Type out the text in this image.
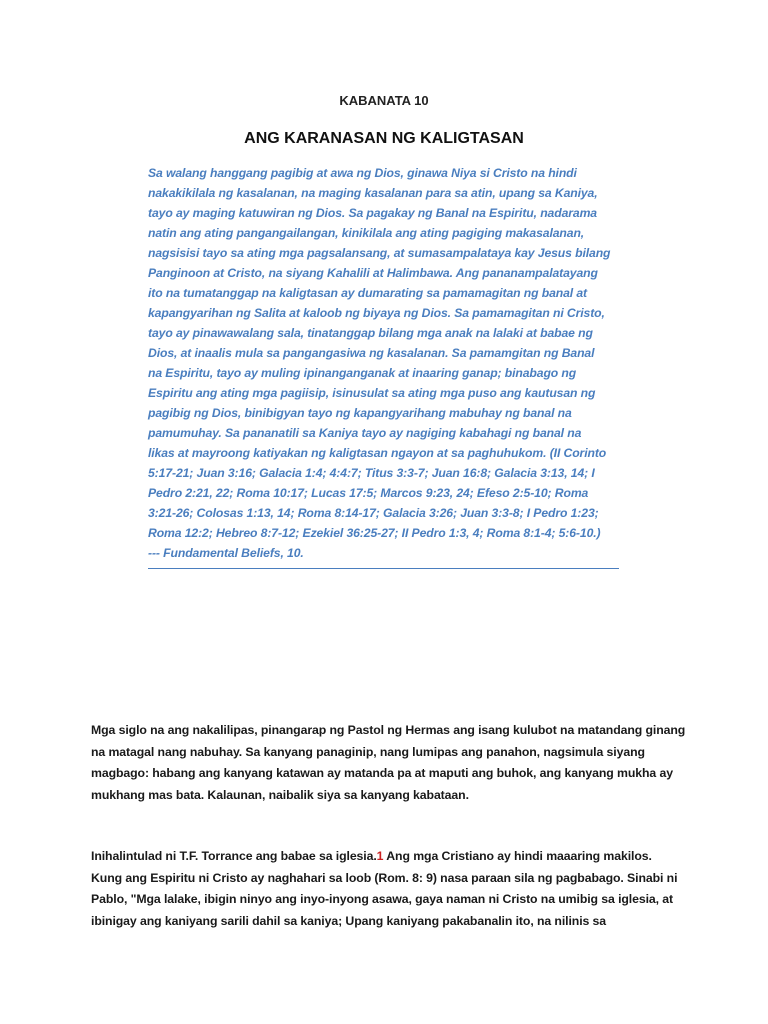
KABANATA 10
ANG KARANASAN NG KALIGTASAN
Sa walang hanggang pagibig at awa ng Dios, ginawa Niya si Cristo na hindi
nakakikilala ng kasalanan, na maging kasalanan para sa atin, upang sa Kaniya,
tayo ay maging katuwiran ng Dios. Sa pagakay ng Banal na Espiritu, nadarama
natin ang ating pangangailangan, kinikilala ang ating pagiging makasalanan,
nagsisisi tayo sa ating mga pagsalansang, at sumasampalataya kay Jesus bilang
Panginoon at Cristo, na siyang Kahalili at Halimbawa. Ang pananampalatayang
ito na tumatanggap na kaligtasan ay dumarating sa pamamagitan ng banal at
kapangyarihan ng Salita at kaloob ng biyaya ng Dios. Sa pamamagitan ni Cristo,
tayo ay pinawawalang sala, tinatanggap bilang mga anak na lalaki at babae ng
Dios, at inaalis mula sa pangangasiwa ng kasalanan. Sa pamamgitan ng Banal
na Espiritu, tayo ay muling ipinanganganak at inaaring ganap; binabago ng
Espiritu ang ating mga pagiisip, isinusulat sa ating mga puso ang kautusan ng
pagibig ng Dios, binibigyan tayo ng kapangyarihang mabuhay ng banal na
pamumuhay. Sa pananatili sa Kaniya tayo ay nagiging kabahagi ng banal na
likas at mayroong katiyakan ng kaligtasan ngayon at sa paghuhukom. (II Corinto
5:17-21; Juan 3:16; Galacia 1:4; 4:4:7; Titus 3:3-7; Juan 16:8; Galacia 3:13, 14; I
Pedro 2:21, 22; Roma 10:17; Lucas 17:5; Marcos 9:23, 24; Efeso 2:5-10; Roma
3:21-26; Colosas 1:13, 14; Roma 8:14-17; Galacia 3:26; Juan 3:3-8; I Pedro 1:23;
Roma 12:2; Hebreo 8:7-12; Ezekiel 36:25-27; II Pedro 1:3, 4; Roma 8:1-4; 5:6-10.)
--- Fundamental Beliefs, 10.
Mga siglo na ang nakalilipas, pinangarap ng Pastol ng Hermas ang isang kulubot na matandang ginang
na matagal nang nabuhay. Sa kanyang panaginip, nang lumipas ang panahon, nagsimula siyang
magbago: habang ang kanyang katawan ay matanda pa at maputi ang buhok, ang kanyang mukha ay
mukhang mas bata. Kalaunan, naibalik siya sa kanyang kabataan.
Inihalintulad ni T.F. Torrance ang babae sa iglesia.1 Ang mga Cristiano ay hindi maaaring makilos.
Kung ang Espiritu ni Cristo ay naghahari sa loob (Rom. 8: 9) nasa paraan sila ng pagbabago. Sinabi ni
Pablo, "Mga lalake, ibigin ninyo ang inyo-inyong asawa, gaya naman ni Cristo na umibig sa iglesia, at
ibinigay ang kaniyang sarili dahil sa kaniya; Upang kaniyang pakabanalin ito, na nilinis sa
